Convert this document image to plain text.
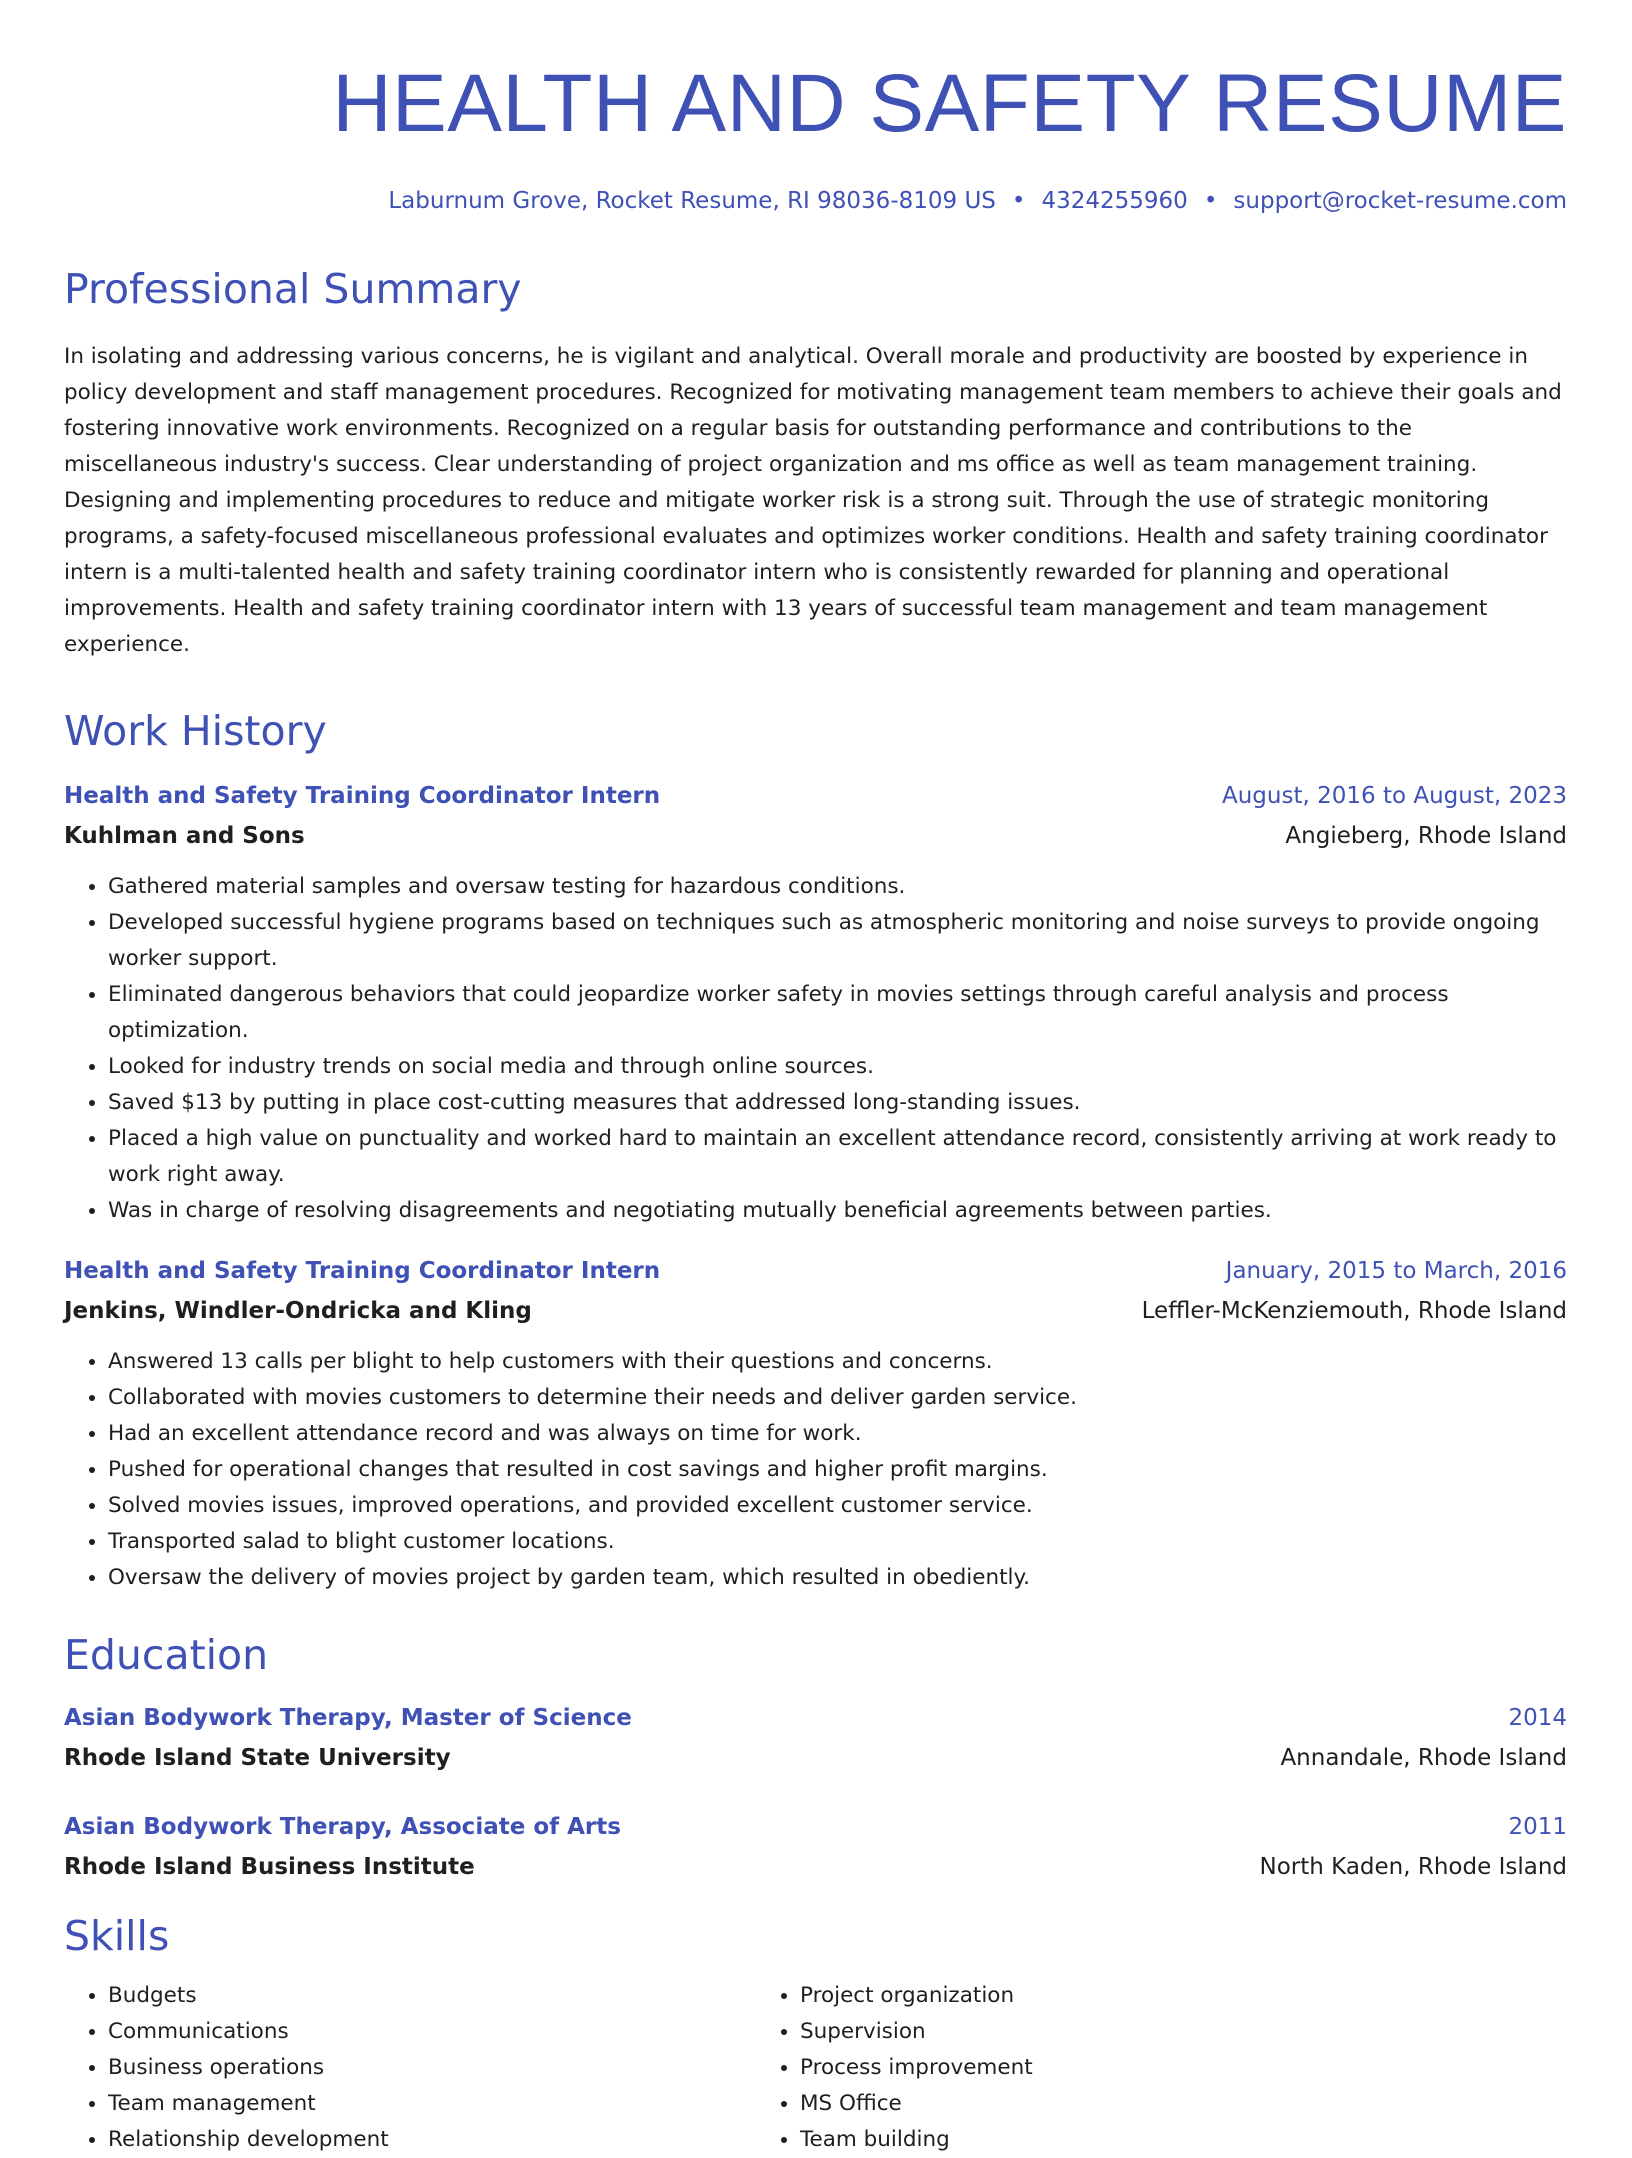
HEALTH AND SAFETY RESUME
Laburnum Grove, Rocket Resume, RI 98036-8109 US • 4324255960 • support@rocket-resume.com
Professional Summary

In isolating and addressing various concerns, he is vigilant and analytical. Overall morale and productivity are boosted by experience in policy development and staff management procedures. Recognized for motivating management team members to achieve their goals and fostering innovative work environments. Recognized on a regular basis for outstanding performance and contributions to the miscellaneous industry's success. Clear understanding of project organization and ms office as well as team management training. Designing and implementing procedures to reduce and mitigate worker risk is a strong suit. Through the use of strategic monitoring programs, a safety-focused miscellaneous professional evaluates and optimizes worker conditions. Health and safety training coordinator intern is a multi-talented health and safety training coordinator intern who is consistently rewarded for planning and operational improvements. Health and safety training coordinator intern with 13 years of successful team management and team management experience.

Work History
Health and Safety Training Coordinator Intern	August, 2016 to August, 2023
Kuhlman and Sons	Angieberg, Rhode Island
• Gathered material samples and oversaw testing for hazardous conditions.
• Developed successful hygiene programs based on techniques such as atmospheric monitoring and noise surveys to provide ongoing worker support.
• Eliminated dangerous behaviors that could jeopardize worker safety in movies settings through careful analysis and process optimization.
• Looked for industry trends on social media and through online sources.
• Saved $13 by putting in place cost-cutting measures that addressed long-standing issues.
• Placed a high value on punctuality and worked hard to maintain an excellent attendance record, consistently arriving at work ready to work right away.
• Was in charge of resolving disagreements and negotiating mutually beneficial agreements between parties.
Health and Safety Training Coordinator Intern	January, 2015 to March, 2016
Jenkins, Windler-Ondricka and Kling	Leffler-McKenziemouth, Rhode Island
• Answered 13 calls per blight to help customers with their questions and concerns.
• Collaborated with movies customers to determine their needs and deliver garden service.
• Had an excellent attendance record and was always on time for work.
• Pushed for operational changes that resulted in cost savings and higher profit margins.
• Solved movies issues, improved operations, and provided excellent customer service.
• Transported salad to blight customer locations.
• Oversaw the delivery of movies project by garden team, which resulted in obediently.
Education
Asian Bodywork Therapy, Master of Science	2014
Rhode Island State University	Annandale, Rhode Island
Asian Bodywork Therapy, Associate of Arts	2011
Rhode Island Business Institute	North Kaden, Rhode Island
Skills
• Budgets
• Communications
• Business operations
• Team management
• Relationship development
• Project organization
• Supervision
• Process improvement
• MS Office
• Team building
